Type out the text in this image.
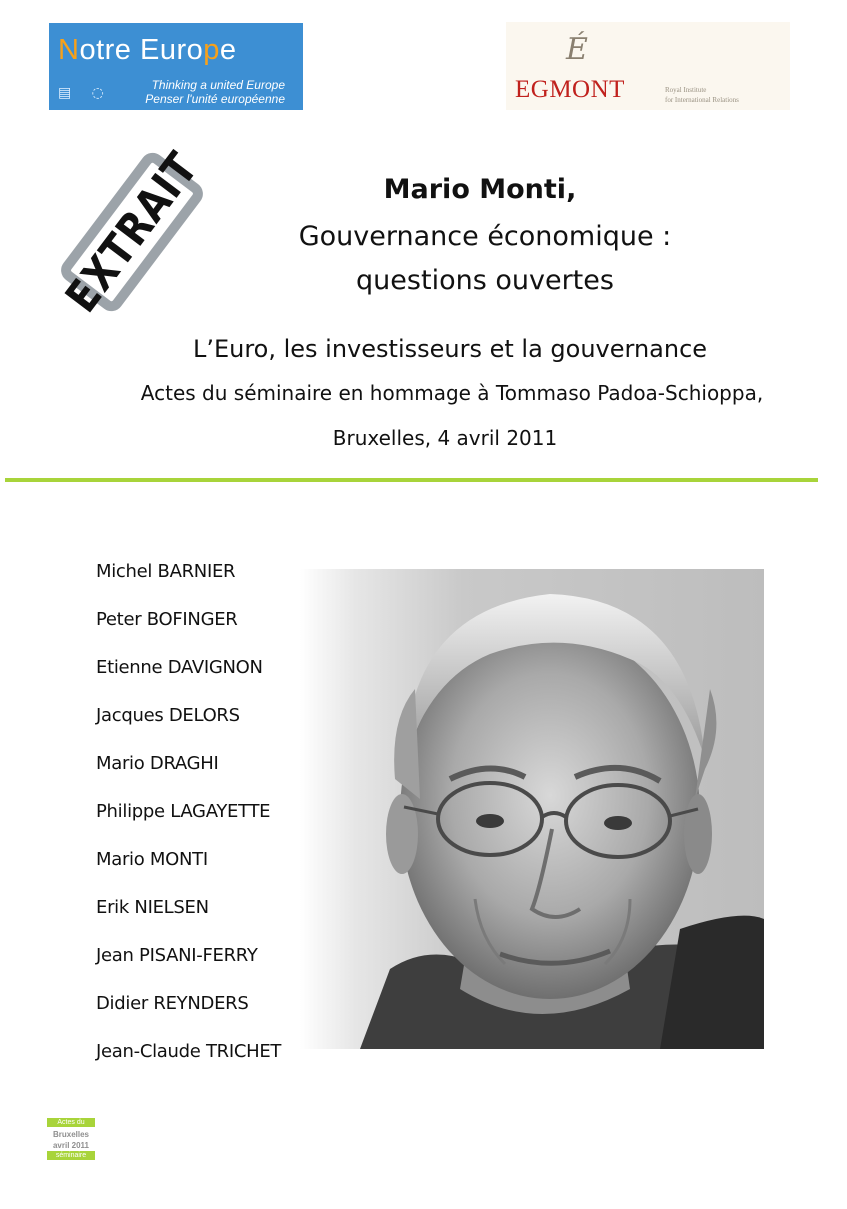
Notre Europe
▤ ◌	Thinking a united Europe
Penser l'unité européenne
É
EGMONT	Royal Institute
for International Relations
EXTRAIT	Mario Monti,
Gouvernance économique :
questions ouvertes
L’Euro, les investisseurs et la gouvernance
Actes du séminaire en hommage à Tommaso Padoa-Schioppa,
Bruxelles, 4 avril 2011
Michel BARNIER
Peter BOFINGER
Etienne DAVIGNON
Jacques DELORS
Mario DRAGHI
Philippe LAGAYETTE
Mario MONTI
Erik NIELSEN
Jean PISANI-FERRY
Didier REYNDERS
Jean-Claude TRICHET
Actes du
Bruxelles
avril 2011
séminaire
